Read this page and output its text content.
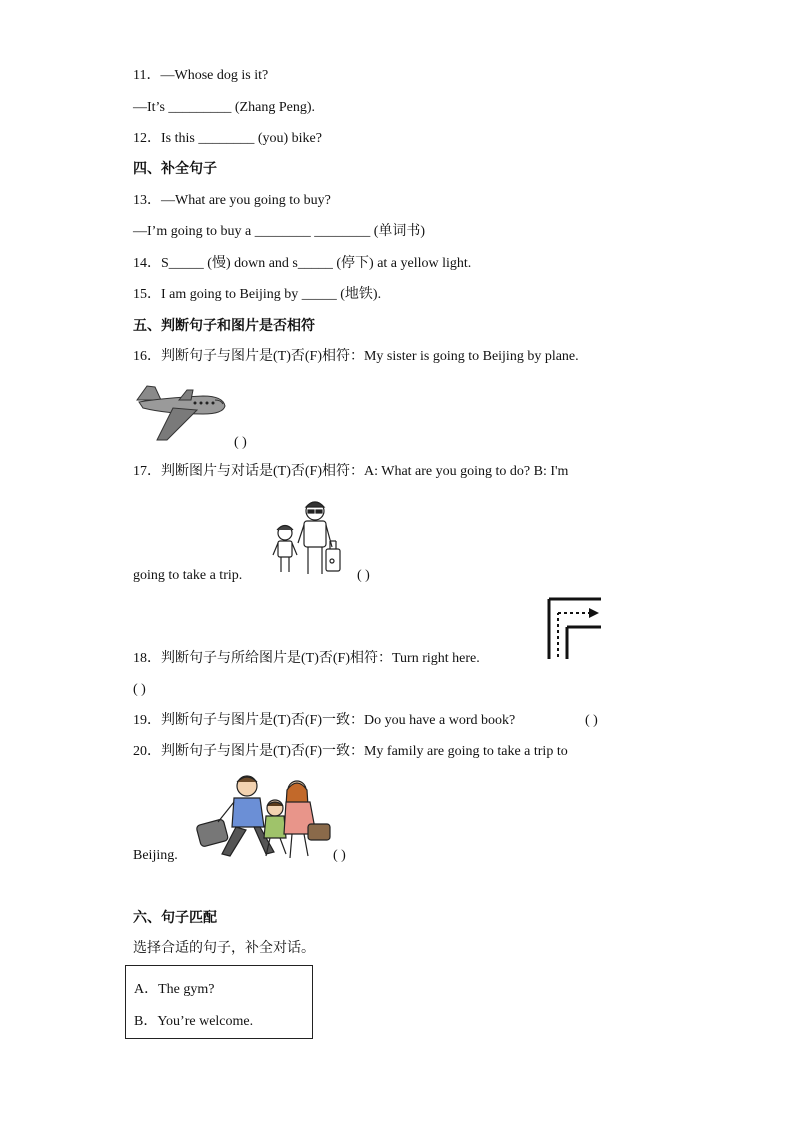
11．—Whose dog is it?
—It’s _________ (Zhang Peng).
12．Is this ________ (you) bike?
四、补全句子
13．—What are you going to buy?
—I’m going to buy a ________ ________ (单词书)
14．S_____ (慢) down and s_____ (停下) at a yellow light.
15．I am going to Beijing by _____ (地铁).
五、判断句子和图片是否相符
16．判断句子与图片是(T)否(F)相符：My sister is going to Beijing by plane.
( )
17．判断图片与对话是(T)否(F)相符：A: What are you going to do? B: I'm
going to take a trip.	( )
18．判断句子与所给图片是(T)否(F)相符：Turn right here.
( )
19．判断句子与图片是(T)否(F)一致：Do you have a word book?	( )
20．判断句子与图片是(T)否(F)一致：My family are going to take a trip to
Beijing.	( )
六、句子匹配
选择合适的句子，补全对话。
A．The gym?
B．You’re welcome.
